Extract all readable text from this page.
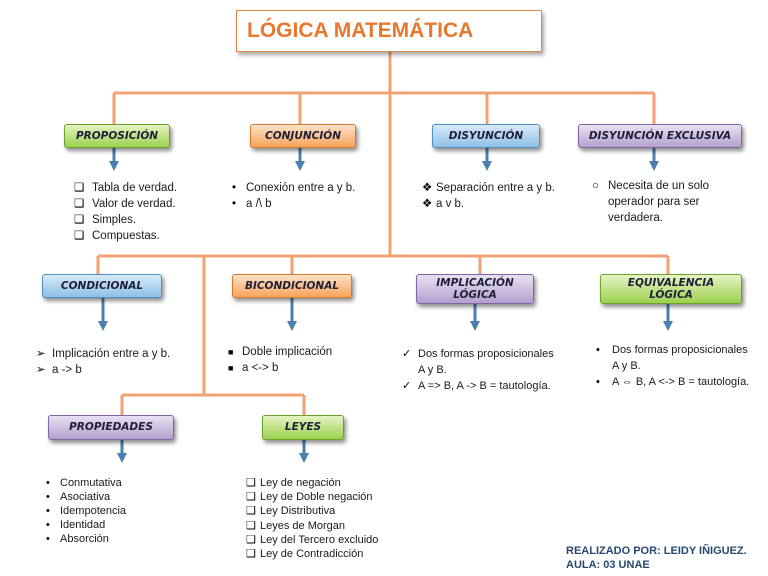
LÓGICA MATEMÁTICA
PROPOSICIÓN	CONJUNCIÓN	DISYUNCIÓN	DISYUNCIÓN EXCLUSIVA
❑ Tabla de verdad.
❑ Valor de verdad.
❑ Simples.
❑ Compuestas.
• Conexión entre a y b.
• a /\ b
❖ Separación entre a y b.
❖ a v b.
○ Necesita de un solo
operador para ser
verdadera.
CONDICIONAL	BICONDICIONAL	IMPLICACIÓN
LÓGICA
EQUIVALENCIA
LÓGICA
➢ Implicación entre a y b.
➢ a -> b
■ Doble implicación
■ a <-> b
✓ Dos formas proposicionales
A y B.
✓ A => B, A -> B = tautología.
• Dos formas proposicionales
A y B.
• A ⇔ B, A <-> B = tautología.
PROPIEDADES	LEYES
• Conmutativa
• Asociativa
• Idempotencia
• Identidad
• Absorción
❑ Ley de negación
❑ Ley de Doble negación
❑ Ley Distributiva
❑ Leyes de Morgan
❑ Ley del Tercero excluido
❑ Ley de Contradicción	REALIZADO POR: LEIDY IÑIGUEZ.
AULA: 03 UNAE
